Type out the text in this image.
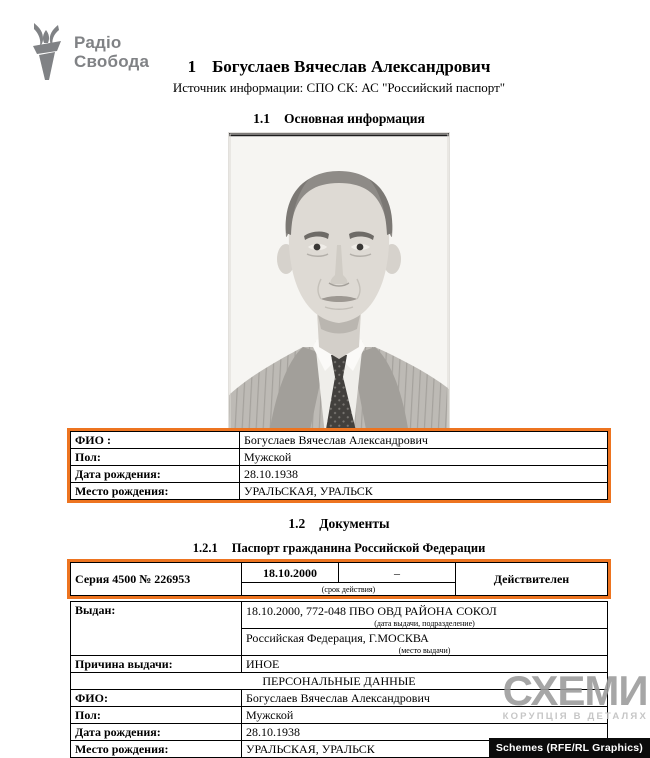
Радіо
Свобода	1 Богуслаев Вячеслав Александрович
Источник информации: СПО СК: АС "Российский паспорт"
1.1 Основная информация
ФИО :	Богуслаев Вячеслав Александрович
Пол:	Мужской
Дата рождения:	28.10.1938
Место рождения:	УРАЛЬСКАЯ, УРАЛЬСК
1.2 Документы
1.2.1 Паспорт гражданина Российской Федерации
Серия 4500 № 226953	18.10.2000	–	Действителен

(срок действия)
Выдан:	18.10.2000, 772-048 ПВО ОВД РАЙОНА СОКОЛ
(дата выдачи, подразделение)

	Российская Федерация, Г.МОСКВА
(место выдачи)

Причина выдачи:	ИНОЕ
ПЕРСОНАЛЬНЫЕ ДАННЫЕ	
ФИО:	Богуслаев Вячеслав Александрович
Пол:	Мужской
Дата рождения:	28.10.1938
Место рождения:	УРАЛЬСКАЯ, УРАЛЬСК
СХЕМИ
КОРУПЦІЯ В ДЕТАЛЯХ
Schemes (RFE/RL Graphics)
